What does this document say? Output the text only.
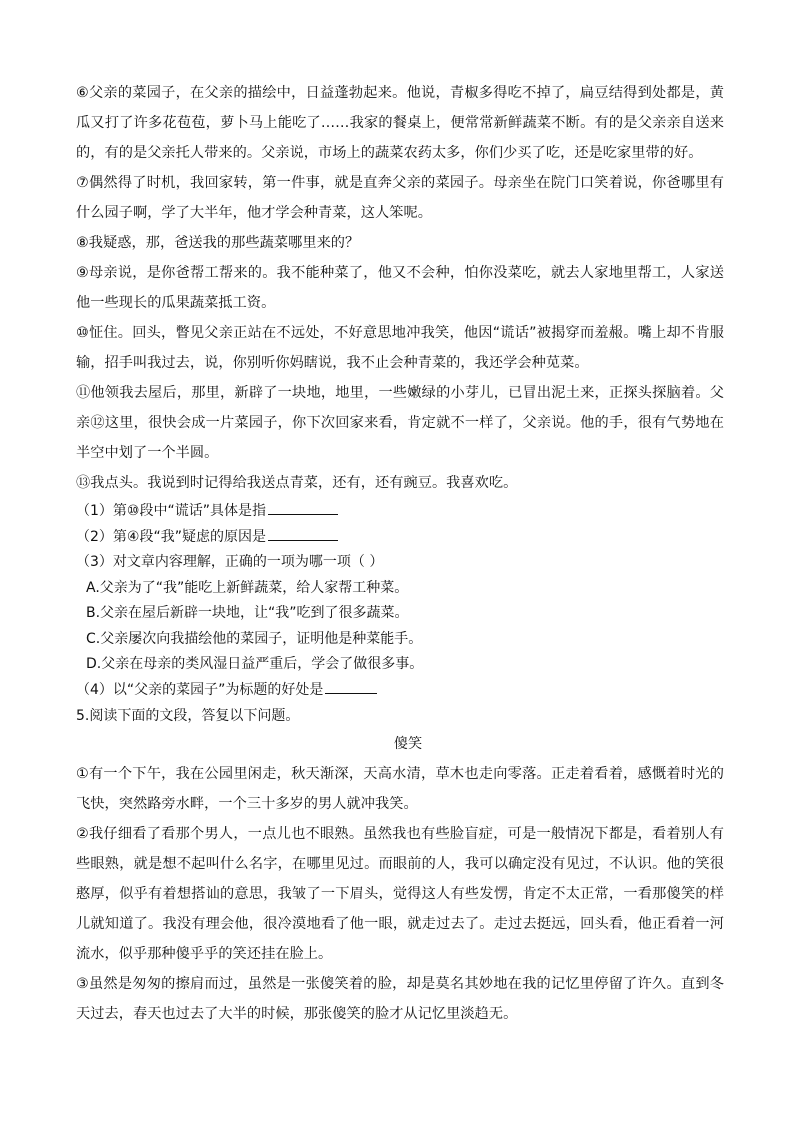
⑥父亲的菜园子，在父亲的描绘中，日益蓬勃起来。他说，青椒多得吃不掉了，扁豆结得到处都是，黄瓜又打了许多花苞苞，萝卜马上能吃了……我家的餐桌上，便常常新鲜蔬菜不断。有的是父亲亲自送来的，有的是父亲托人带来的。父亲说，市场上的蔬菜农药太多，你们少买了吃，还是吃家里带的好。

⑦偶然得了时机，我回家转，第一件事，就是直奔父亲的菜园子。母亲坐在院门口笑着说，你爸哪里有什么园子啊，学了大半年，他才学会种青菜，这人笨呢。

⑧我疑惑，那，爸送我的那些蔬菜哪里来的？

⑨母亲说，是你爸帮工帮来的。我不能种菜了，他又不会种，怕你没菜吃，就去人家地里帮工，人家送他一些现长的瓜果蔬菜抵工资。

⑩怔住。回头，瞥见父亲正站在不远处，不好意思地冲我笑，他因“谎话”被揭穿而羞赧。嘴上却不肯服输，招手叫我过去，说，你别听你妈瞎说，我不止会种青菜的，我还学会种苋菜。

⑪他领我去屋后，那里，新辟了一块地，地里，一些嫩绿的小芽儿，已冒出泥土来，正探头探脑着。父亲⑫这里，很快会成一片菜园子，你下次回家来看，肯定就不一样了，父亲说。他的手，很有气势地在半空中划了一个半圆。

⑬我点头。我说到时记得给我送点青菜，还有，还有豌豆。我喜欢吃。

（1）第⑩段中“谎话”具体是指

（2）第④段“我”疑虑的原因是

（3）对文章内容理解，正确的一项为哪一项（ ）

A.父亲为了“我”能吃上新鲜蔬菜，给人家帮工种菜。

B.父亲在屋后新辟一块地，让“我”吃到了很多蔬菜。

C.父亲屡次向我描绘他的菜园子，证明他是种菜能手。

D.父亲在母亲的类风湿日益严重后，学会了做很多事。

（4）以“父亲的菜园子”为标题的好处是

5.阅读下面的文段，答复以下问题。

傻笑

①有一个下午，我在公园里闲走，秋天渐深，天高水清，草木也走向零落。正走着看着，感慨着时光的飞快，突然路旁水畔，一个三十多岁的男人就冲我笑。

②我仔细看了看那个男人，一点儿也不眼熟。虽然我也有些脸盲症，可是一般情况下都是，看着别人有些眼熟，就是想不起叫什么名字，在哪里见过。而眼前的人，我可以确定没有见过，不认识。他的笑很憨厚，似乎有着想搭讪的意思，我皱了一下眉头，觉得这人有些发愣，肯定不太正常，一看那傻笑的样儿就知道了。我没有理会他，很冷漠地看了他一眼，就走过去了。走过去挺远，回头看，他正看着一河流水，似乎那种傻乎乎的笑还挂在脸上。

③虽然是匆匆的擦肩而过，虽然是一张傻笑着的脸，却是莫名其妙地在我的记忆里停留了许久。直到冬天过去，春天也过去了大半的时候，那张傻笑的脸才从记忆里淡趋无。
